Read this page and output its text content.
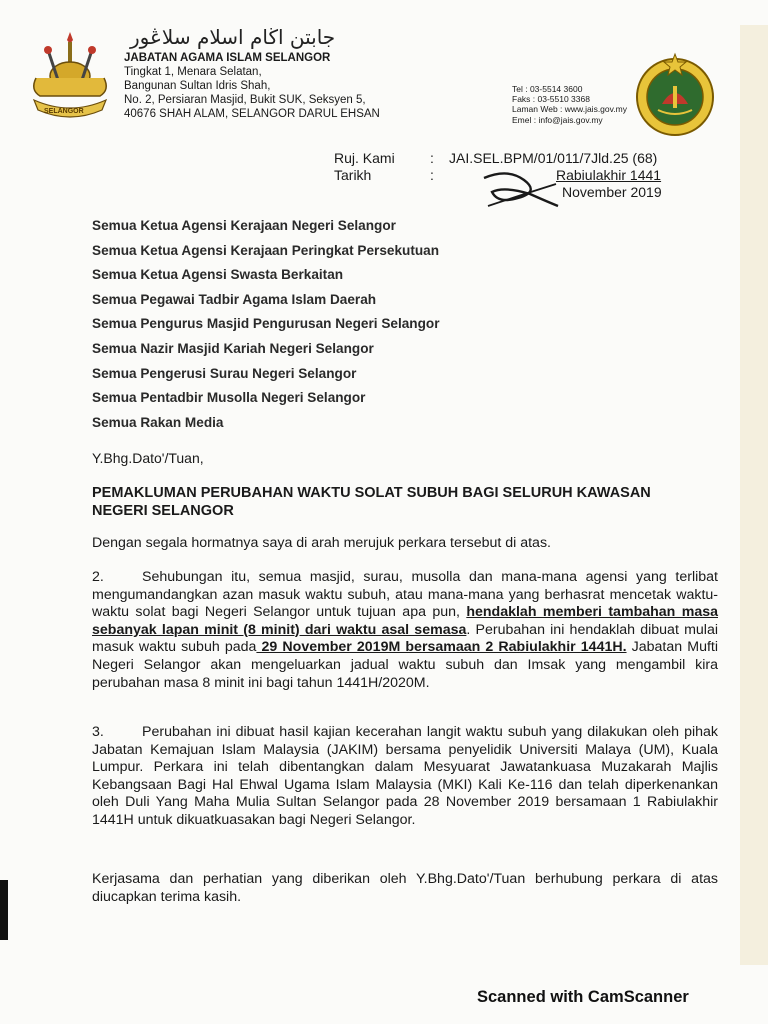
SELANGOR
جابتن اڬام اسلام سلاڠور
JABATAN AGAMA ISLAM SELANGOR
Tingkat 1, Menara Selatan,
Bangunan Sultan Idris Shah,
No. 2, Persiaran Masjid, Bukit SUK, Seksyen 5,
40676 SHAH ALAM, SELANGOR DARUL EHSAN
Tel : 03-5514 3600
Faks : 03-5510 3368
Laman Web : www.jais.gov.my
Emel : info@jais.gov.my
Ruj. Kami	: JAI.SEL.BPM/01/011/7Jld.25 (68)
Tarikh	:	Rabiulakhir 1441
November 2019
Semua Ketua Agensi Kerajaan Negeri Selangor
Semua Ketua Agensi Kerajaan Peringkat Persekutuan
Semua Ketua Agensi Swasta Berkaitan
Semua Pegawai Tadbir Agama Islam Daerah
Semua Pengurus Masjid Pengurusan Negeri Selangor
Semua Nazir Masjid Kariah Negeri Selangor
Semua Pengerusi Surau Negeri Selangor
Semua Pentadbir Musolla Negeri Selangor
Semua Rakan Media
Y.Bhg.Dato'/Tuan,
PEMAKLUMAN PERUBAHAN WAKTU SOLAT SUBUH BAGI SELURUH KAWASAN
NEGERI SELANGOR

Dengan segala hormatnya saya di arah merujuk perkara tersebut di atas.

2.	Sehubungan itu, semua masjid, surau, musolla dan mana-mana agensi yang terlibat mengumandangkan azan masuk waktu subuh, atau mana-mana yang berhasrat mencetak waktu-waktu solat bagi Negeri Selangor untuk tujuan apa pun, hendaklah memberi tambahan masa sebanyak lapan minit (8 minit) dari waktu asal semasa. Perubahan ini hendaklah dibuat mulai masuk waktu subuh pada 29 November 2019M bersamaan 2 Rabiulakhir 1441H. Jabatan Mufti Negeri Selangor akan mengeluarkan jadual waktu subuh dan Imsak yang mengambil kira perubahan masa 8 minit ini bagi tahun 1441H/2020M.

3.	Perubahan ini dibuat hasil kajian kecerahan langit waktu subuh yang dilakukan oleh pihak Jabatan Kemajuan Islam Malaysia (JAKIM) bersama penyelidik Universiti Malaya (UM), Kuala Lumpur. Perkara ini telah dibentangkan dalam Mesyuarat Jawatankuasa Muzakarah Majlis Kebangsaan Bagi Hal Ehwal Ugama Islam Malaysia (MKI) Kali Ke-116 dan telah diperkenankan oleh Duli Yang Maha Mulia Sultan Selangor pada 28 November 2019 bersamaan 1 Rabiulakhir 1441H untuk dikuatkuasakan bagi Negeri Selangor.

Kerjasama dan perhatian yang diberikan oleh Y.Bhg.Dato'/Tuan berhubung perkara di atas diucapkan terima kasih.

Scanned with CamScanner
